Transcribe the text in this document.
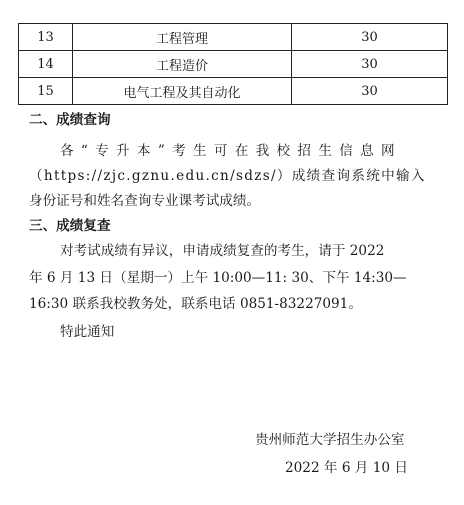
13	工程管理	30
14	工程造价	30
15	电气工程及其自动化	30
二、成绩查询
各“专升本”考生可在我校招生信息网
（https://zjc.gznu.edu.cn/sdzs/）成绩查询系统中输入
身份证号和姓名查询专业课考试成绩。
三、成绩复查
对考试成绩有异议，申请成绩复查的考生，请于 2022
年 6 月 13 日（星期一）上午 10:00—11: 30、下午 14:30—
16:30 联系我校教务处，联系电话 0851-83227091。
特此通知
贵州师范大学招生办公室
2022 年 6 月 10 日
